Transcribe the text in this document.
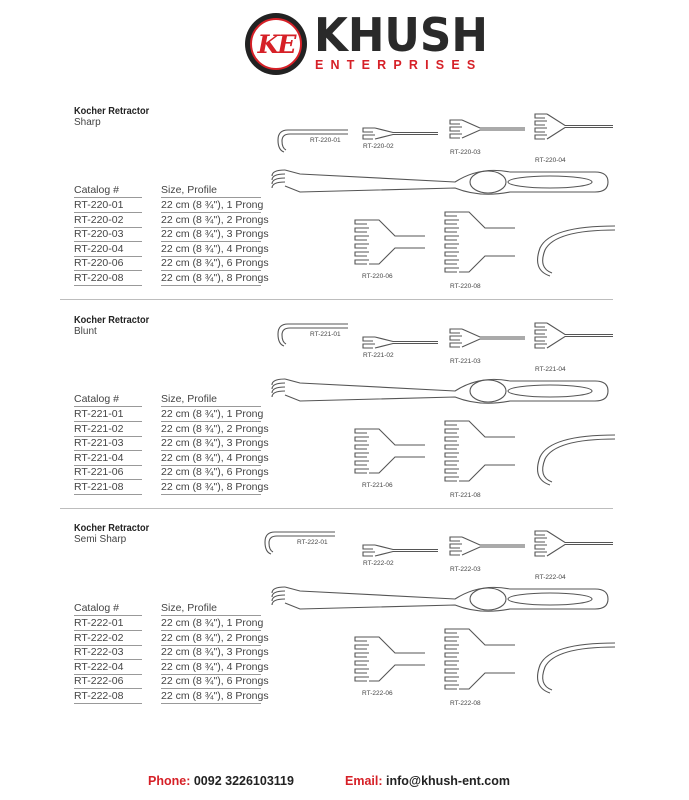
KE KHUSH
ENTERPRISES
Kocher Retractor
Sharp
Catalog #	Size, Profile
RT-220-01	22 cm (8 ¾"), 1 Prong
RT-220-02	22 cm (8 ¾"), 2 Prongs
RT-220-03	22 cm (8 ¾"), 3 Prongs
RT-220-04	22 cm (8 ¾"), 4 Prongs
RT-220-06	22 cm (8 ¾"), 6 Prongs
RT-220-08	22 cm (8 ¾"), 8 Prongs
RT-220-01
RT-220-02
RT-220-03
RT-220-04
RT-220-06
RT-220-08
Kocher Retractor
Blunt
Catalog #	Size, Profile
RT-221-01	22 cm (8 ¾"), 1 Prong
RT-221-02	22 cm (8 ¾"), 2 Prongs
RT-221-03	22 cm (8 ¾"), 3 Prongs
RT-221-04	22 cm (8 ¾"), 4 Prongs
RT-221-06	22 cm (8 ¾"), 6 Prongs
RT-221-08	22 cm (8 ¾"), 8 Prongs
RT-221-01
RT-221-02
RT-221-03
RT-221-04
RT-221-06
RT-221-08
Kocher Retractor
Semi Sharp
Catalog #	Size, Profile
RT-222-01	22 cm (8 ¾"), 1 Prong
RT-222-02	22 cm (8 ¾"), 2 Prongs
RT-222-03	22 cm (8 ¾"), 3 Prongs
RT-222-04	22 cm (8 ¾"), 4 Prongs
RT-222-06	22 cm (8 ¾"), 6 Prongs
RT-222-08	22 cm (8 ¾"), 8 Prongs
RT-222-01
RT-222-02
RT-222-03
RT-222-04
RT-222-06
RT-222-08
Phone: 0092 3226103119	Email: info@khush-ent.com
